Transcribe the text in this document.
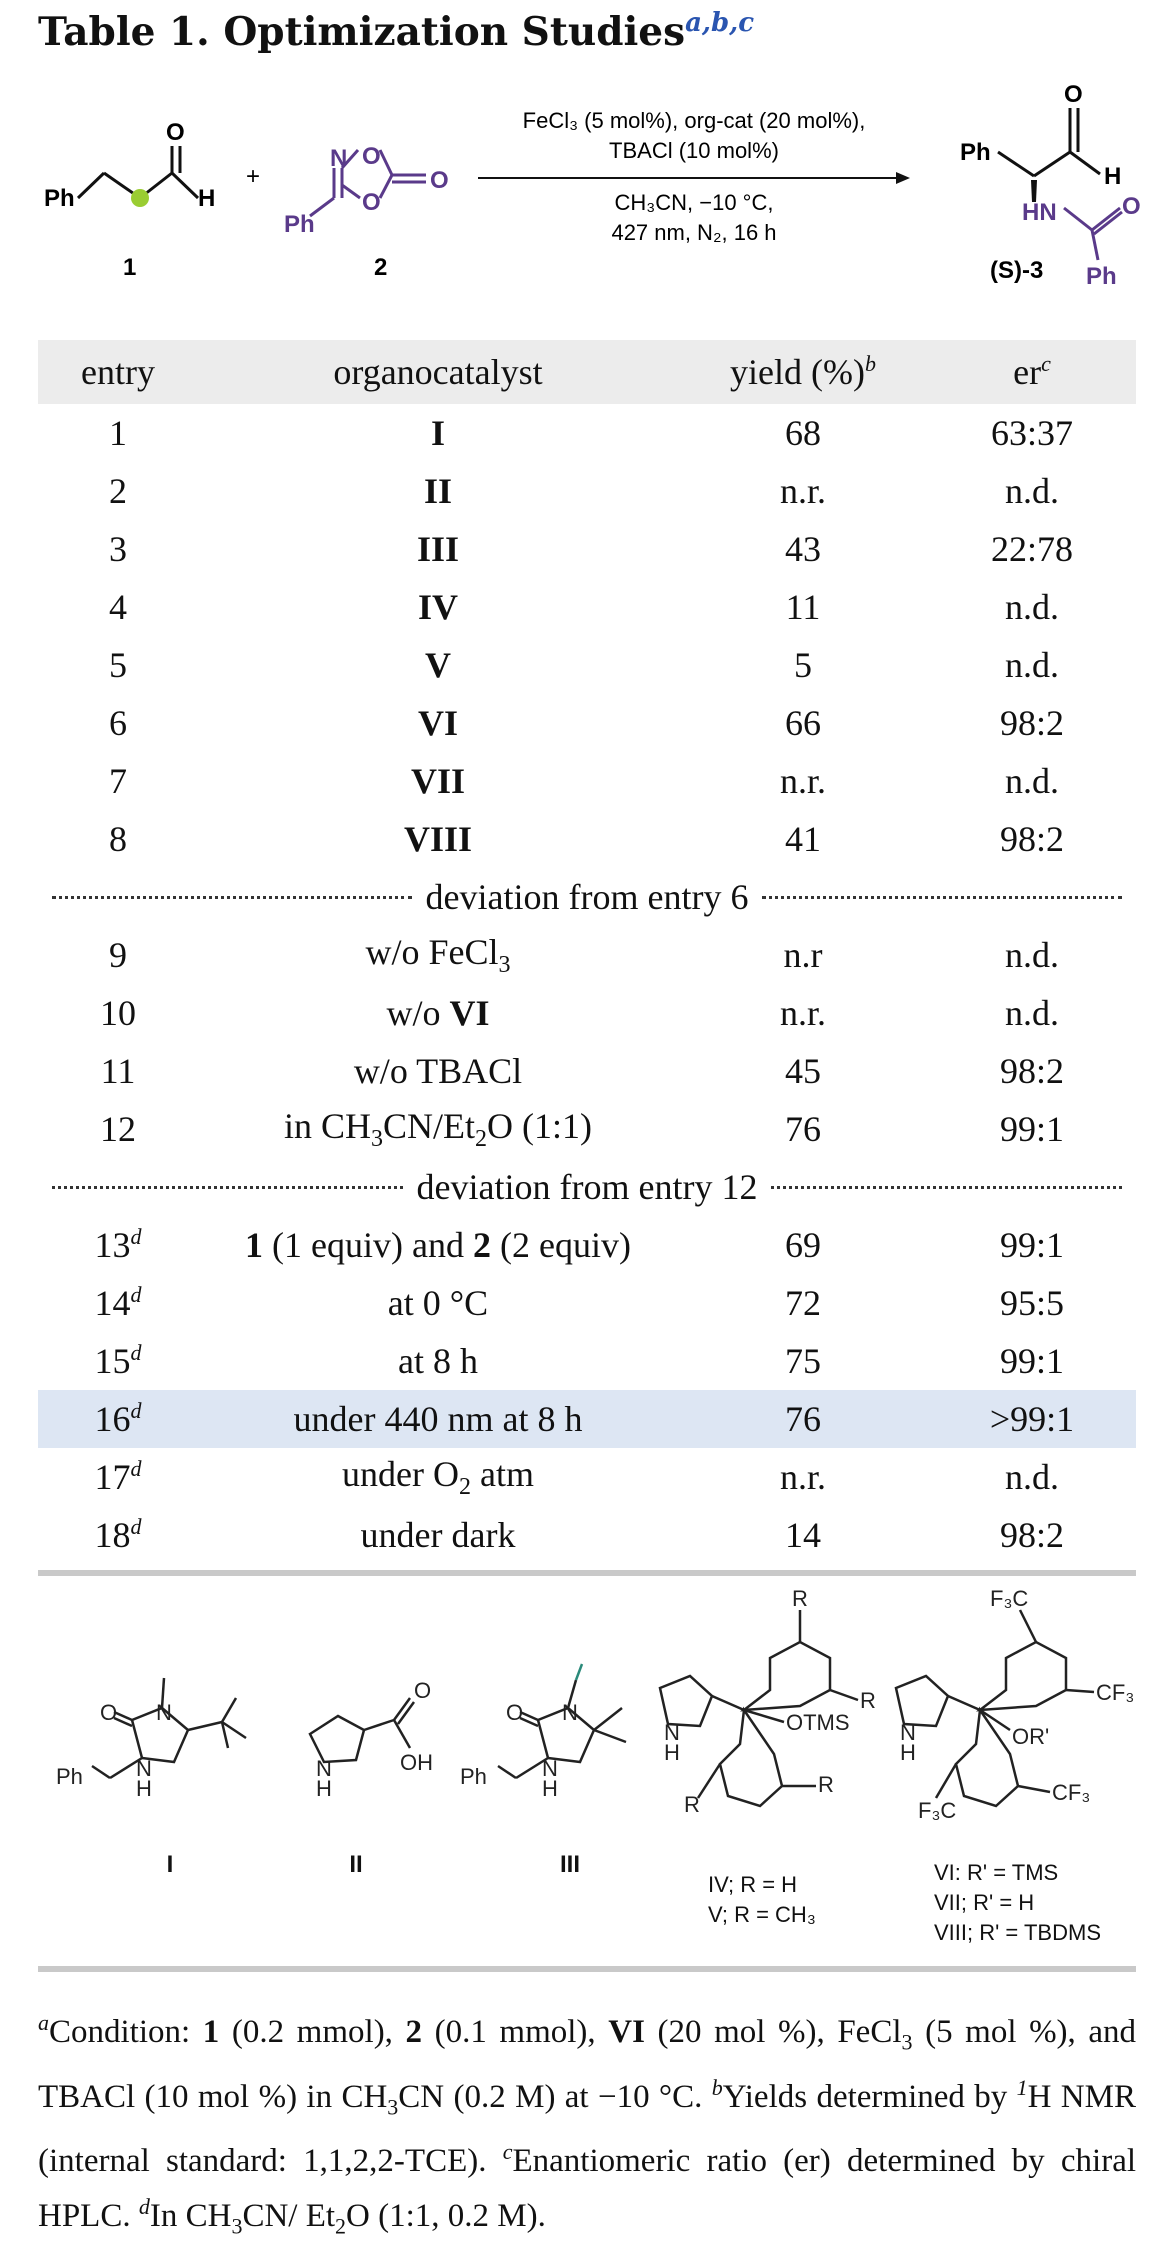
Table 1. Optimization Studies$^{a,b,c}$
Ph
O
H
1
+
N O
O
O
Ph
2
FeCl₃ (5 mol%), org-cat (20 mol%),
TBACl (10 mol%)
CH₃CN, −10 °C,
427 nm, N₂, 16 h
Ph
O
H
HN	O
Ph
(S)-3
entry	organocatalyst	yield (%)$^b$	$er^c$
1	I	68	63:37
2	II	n.r.	n.d.
3	III	43	22:78
4	IV	11	n.d.
5	V	5	n.d.
6	VI	66	98:2
7	VII	n.r.	n.d.
8	VIII	41	98:2
deviation from entry 6
9	w/o FeCl$_3$	n.r	n.d.
10	w/o VI	n.r.	n.d.
11	w/o TBACl	45	98:2
12	in $CH_3CN/Et_2O$ (1:1)	76	99:1
deviation from entry 12
13$^d$	1 (1 equiv) and 2 (2 equiv)	69	99:1
14$^d$	at 0 °C	72	95:5
15$^d$	at 8 h	75	99:1
16$^d$	under 440 nm at 8 h	76	>99:1
17$^d$	under $O_2$ atm	n.r.	n.d.
18$^d$	under dark	14	98:2
O N
N
H
Ph	N
H
O
OH
O N
N
H
Ph
N
H
R
R
OTMS
R
R
N
H
F₃C
CF₃
OR'
F₃C
CF₃
I	II	III
IV; R = H
V; R = CH₃
VI: R' = TMS
VII; R' = H
VIII; R' = TBDMS
$^a$Condition: 1 (0.2 mmol), 2 (0.1 mmol), VI (20 mol %), FeCl$_3$ (5 mol %), and TBACl (10 mol %) in $CH_3CN$ (0.2 M) at −10 °C. $^b$Yields determined by $^1$H NMR (internal standard: 1,1,2,2-TCE). $^c$Enantiomeric ratio (er) determined by chiral HPLC. $^d$In $CH_3CN/$ $Et_2O$ (1:1, 0.2 M).
